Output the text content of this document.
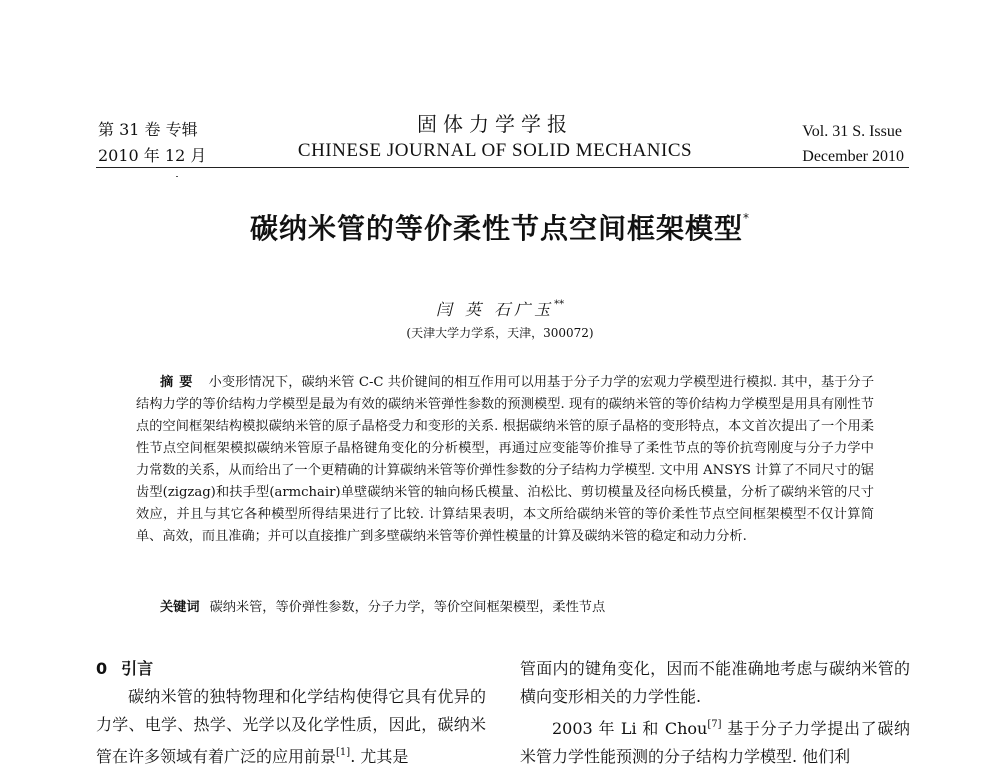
第 31 卷 专辑
2010 年 12 月
固体力学学报
CHINESE JOURNAL OF SOLID MECHANICS
Vol. 31 S. Issue
December 2010
碳纳米管的等价柔性节点空间框架模型*
闫 英 石广玉**
(天津大学力学系，天津，300072)
摘要 小变形情况下，碳纳米管 C-C 共价键间的相互作用可以用基于分子力学的宏观力学模型进行模拟. 其中，基于分子结构力学的等价结构力学模型是最为有效的碳纳米管弹性参数的预测模型. 现有的碳纳米管的等价结构力学模型是用具有刚性节点的空间框架结构模拟碳纳米管的原子晶格受力和变形的关系. 根据碳纳米管的原子晶格的变形特点，本文首次提出了一个用柔性节点空间框架模拟碳纳米管原子晶格键角变化的分析模型，再通过应变能等价推导了柔性节点的等价抗弯刚度与分子力学中力常数的关系，从而给出了一个更精确的计算碳纳米管等价弹性参数的分子结构力学模型. 文中用 ANSYS 计算了不同尺寸的锯齿型(zigzag)和扶手型(armchair)单壁碳纳米管的轴向杨氏模量、泊松比、剪切模量及径向杨氏模量，分析了碳纳米管的尺寸效应，并且与其它各种模型所得结果进行了比较. 计算结果表明，本文所给碳纳米管的等价柔性节点空间框架模型不仅计算简单、高效，而且准确；并可以直接推广到多壁碳纳米管等价弹性模量的计算及碳纳米管的稳定和动力分析.
关键词 碳纳米管，等价弹性参数，分子力学，等价空间框架模型，柔性节点
0 引言

碳纳米管的独特物理和化学结构使得它具有优异的力学、电学、热学、光学以及化学性质，因此，碳纳米管在许多领域有着广泛的应用前景[1]. 尤其是

管面内的键角变化，因而不能准确地考虑与碳纳米管的横向变形相关的力学性能.

2003 年 Li 和 Chou[7] 基于分子力学提出了碳纳米管力学性能预测的分子结构力学模型. 他们利
